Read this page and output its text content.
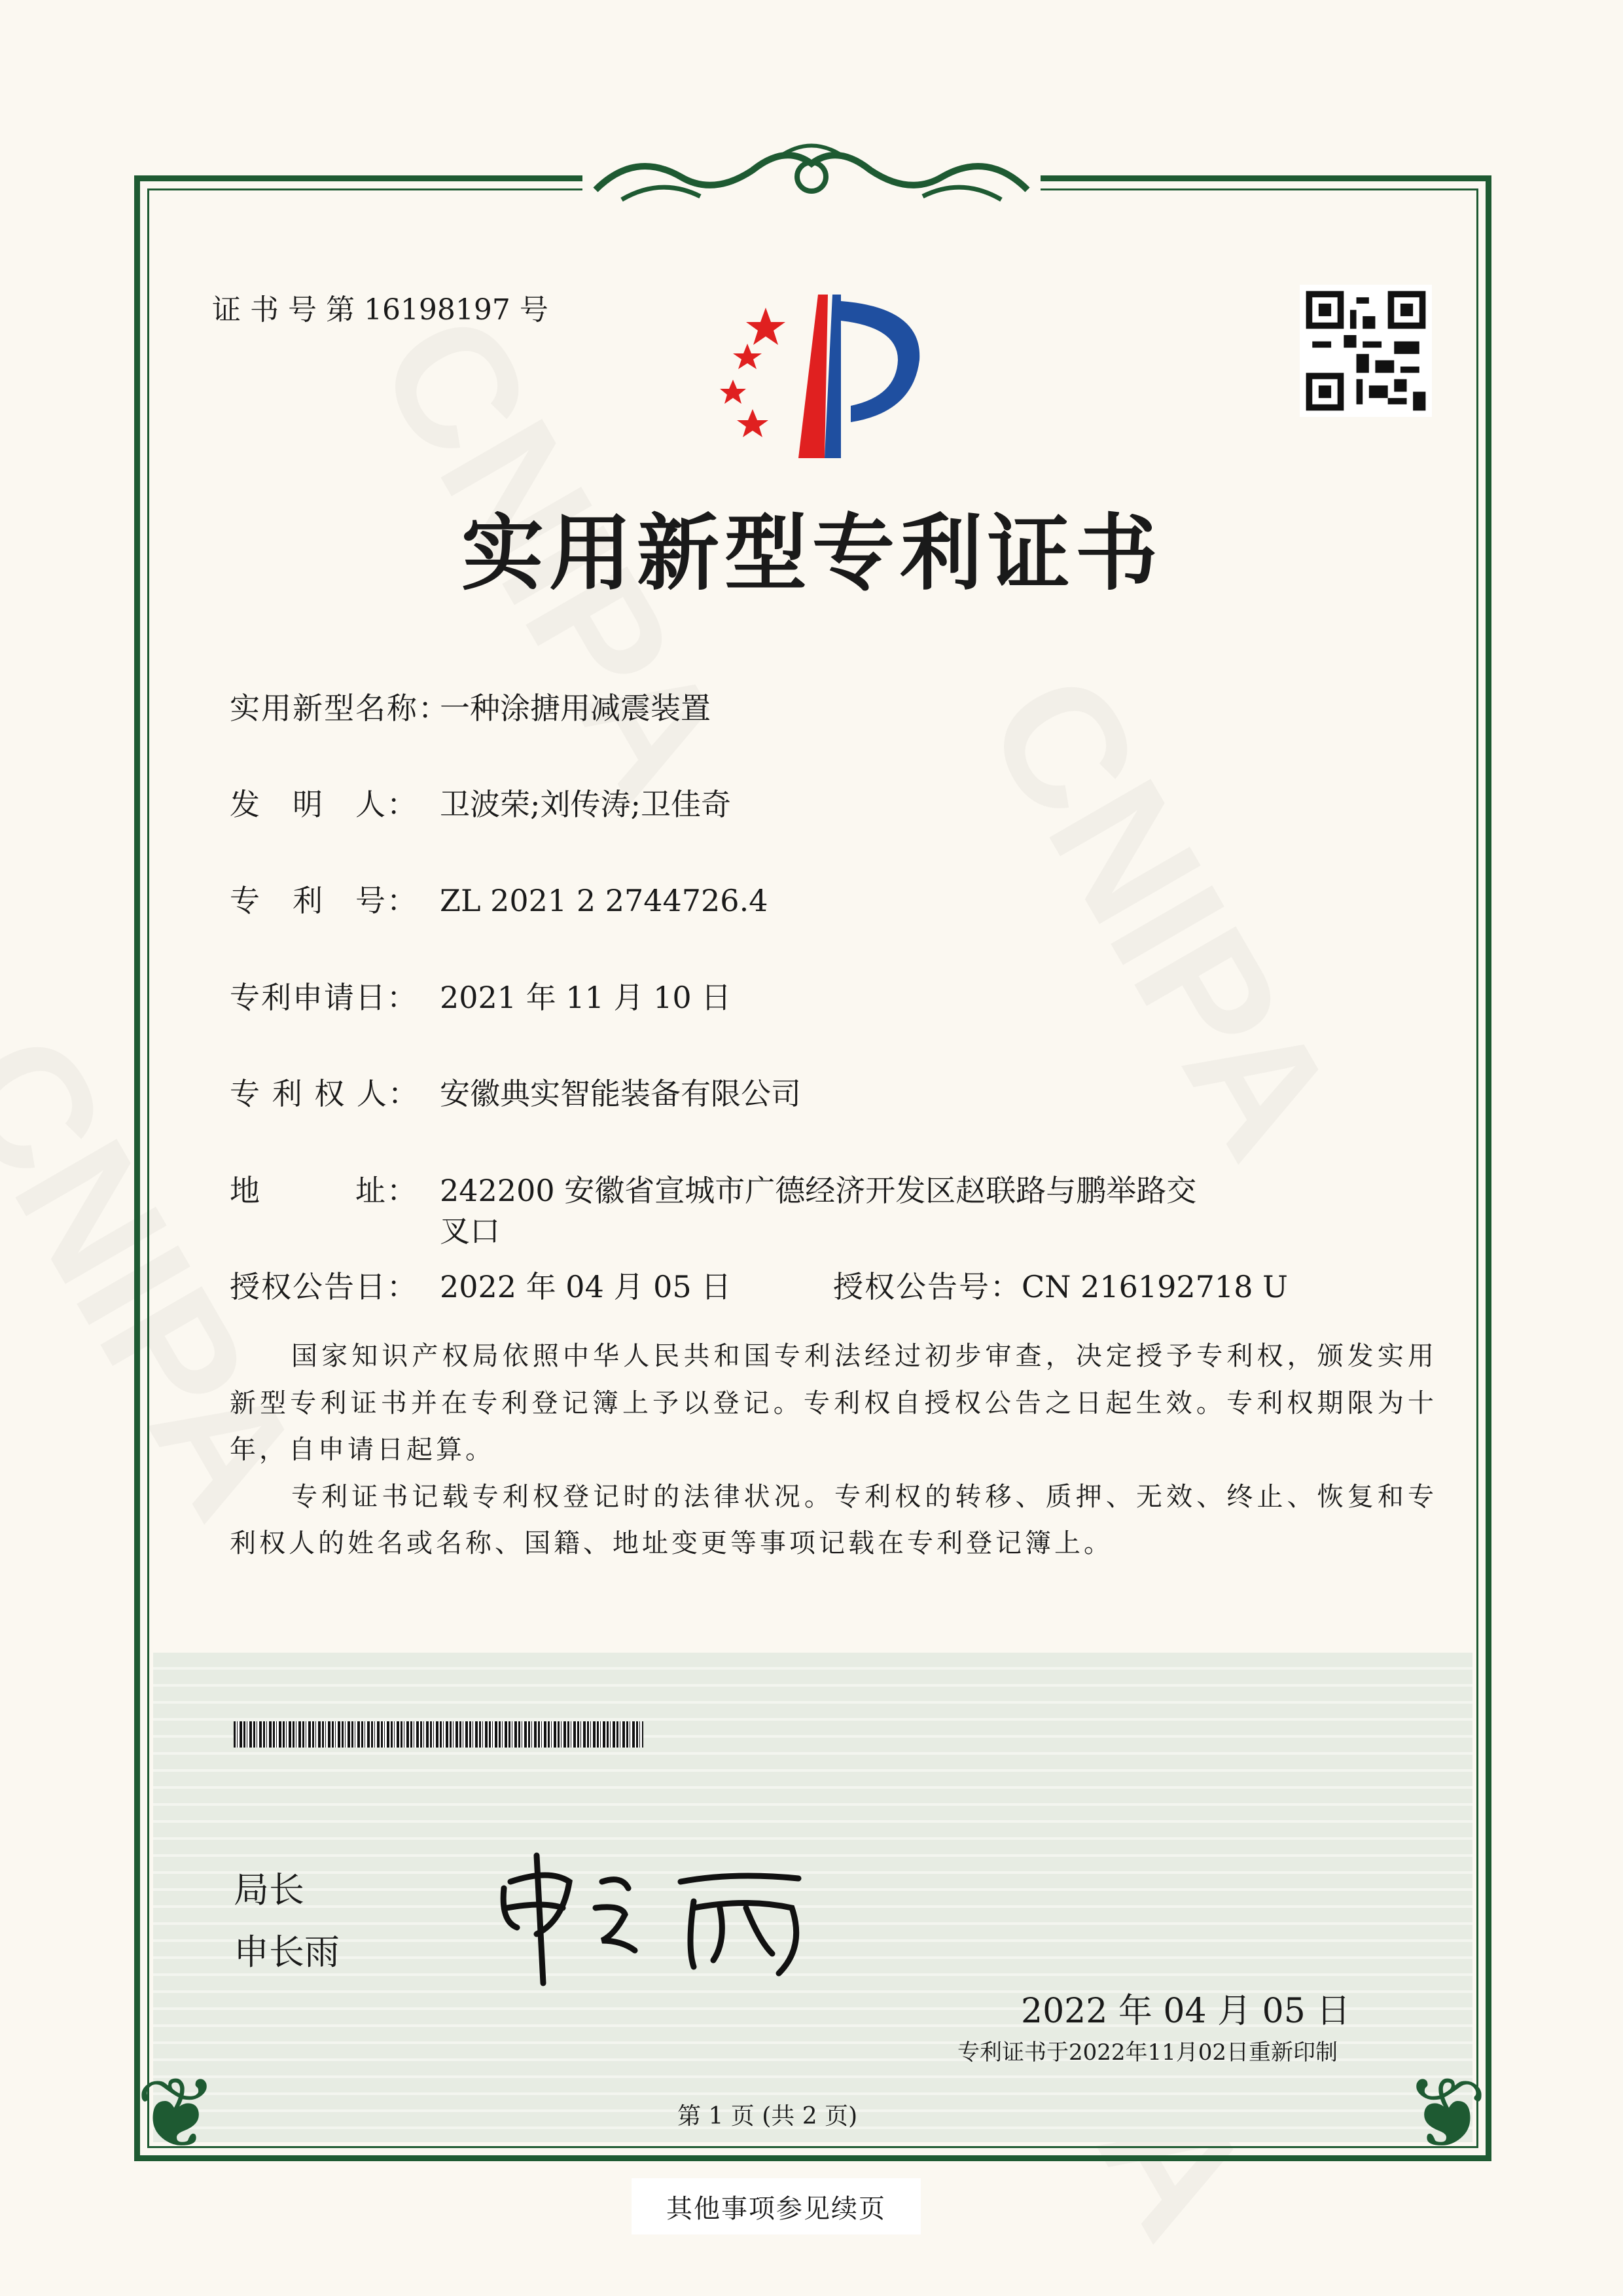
❦	❦
证 书 号 第 16198197 号
实用新型专利证书
实用新型名称：一种涂搪用减震装置
发　明　人： 卫波荣;刘传涛;卫佳奇
专　利　号： ZL 2021 2 2744726.4
专利申请日： 2021 年 11 月 10 日
专 利 权 人： 安徽典实智能装备有限公司
地　　　址： 242200 安徽省宣城市广德经济开发区赵联路与鹏举路交
叉口
授权公告日： 2022 年 04 月 05 日	授权公告号：CN 216192718 U

国家知识产权局依照中华人民共和国专利法经过初步审查，决定授予专利权，颁发实用新型专利证书并在专利登记簿上予以登记。专利权自授权公告之日起生效。专利权期限为十年，自申请日起算。

专利证书记载专利权登记时的法律状况。专利权的转移、质押、无效、终止、恢复和专利权人的姓名或名称、国籍、地址变更等事项记载在专利登记簿上。

局长
申长雨
2022 年 04 月 05 日
专利证书于2022年11月02日重新印制
第 1 页 (共 2 页)
其他事项参见续页
